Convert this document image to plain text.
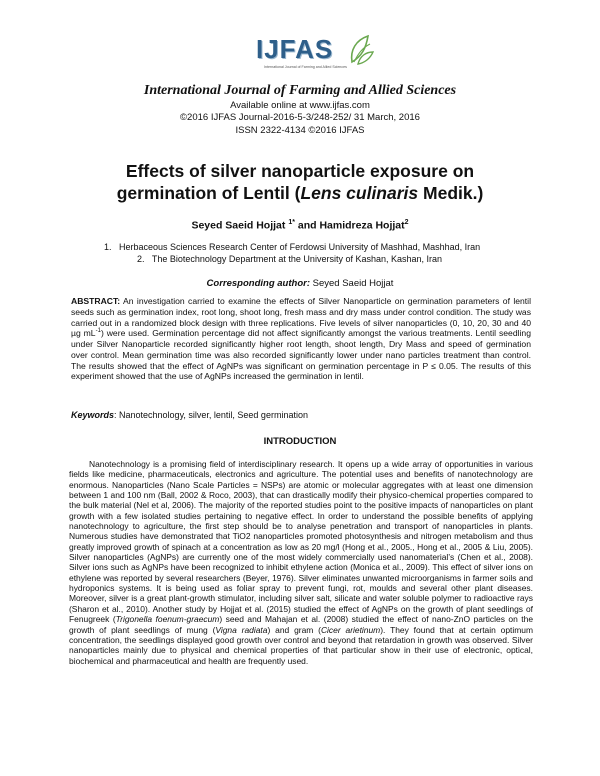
IJFAS
International Journal of Farming and Allied Sciences
International Journal of Farming and Allied Sciences
Available online at www.ijfas.com
©2016 IJFAS Journal-2016-5-3/248-252/ 31 March, 2016
ISSN 2322-4134 ©2016 IJFAS
Effects of silver nanoparticle exposure on
germination of Lentil (Lens culinaris Medik.)
Seyed Saeid Hojjat $^{1*}$ and Hamidreza Hojjat$^2$
1.   Herbaceous Sciences Research Center of Ferdowsi University of Mashhad, Mashhad, Iran
2.   The Biotechnology Department at the University of Kashan, Kashan, Iran
Corresponding author: Seyed Saeid Hojjat

ABSTRACT: An investigation carried to examine the effects of Silver Nanoparticle on germination parameters of lentil seeds such as germination index, root long, shoot long, fresh mass and dry mass under control condition. The study was carried out in a randomized block design with three replications. Five levels of silver nanoparticles (0, 10, 20, 30 and 40 µg $mL^{-1}$) were used. Germination percentage did not affect significantly amongst the various treatments. Lentil seedling under Silver Nanoparticle recorded significantly higher root length, shoot length, Dry Mass and speed of germination over control. Mean germination time was also recorded significantly lower under nano particles treatment than control. The results showed that the effect of AgNPs was significant on germination percentage in P ≤ 0.05. The results of this experiment showed that the use of AgNPs increased the germination in lentil.

Keywords: Nanotechnology, silver, lentil, Seed germination
INTRODUCTION

Nanotechnology is a promising field of interdisciplinary research. It opens up a wide array of opportunities in various fields like medicine, pharmaceuticals, electronics and agriculture. The potential uses and benefits of nanotechnology are enormous. Nanoparticles (Nano Scale Particles = NSPs) are atomic or molecular aggregates with at least one dimension between 1 and 100 nm (Ball, 2002 & Roco, 2003), that can drastically modify their physico-chemical properties compared to the bulk material (Nel et al, 2006). The majority of the reported studies point to the positive impacts of nanoparticles on plant growth with a few isolated studies pertaining to negative effect. In order to understand the possible benefits of applying nanotechnology to agriculture, the first step should be to analyse penetration and transport of nanoparticles in plants. Numerous studies have demonstrated that TiO2 nanoparticles promoted photosynthesis and nitrogen metabolism and thus greatly improved growth of spinach at a concentration as low as 20 mg/l (Hong et al., 2005., Hong et al., 2005 & Liu, 2005). Silver nanoparticles (AgNPs) are currently one of the most widely commercially used nanomaterial’s (Chen et al., 2008). Silver ions such as AgNPs have been recognized to inhibit ethylene action (Monica et al., 2009). This effect of silver ions on ethylene was reported by several researchers (Beyer, 1976). Silver eliminates unwanted microorganisms in farmer soils and hydroponics systems. It is being used as foliar spray to prevent fungi, rot, moulds and several other plant diseases. Moreover, silver is a great plant-growth stimulator, including silver salt, silicate and water soluble polymer to radioactive rays (Sharon et al., 2010). Another study by Hojjat et al. (2015) studied the effect of AgNPs on the growth of plant seedlings of Fenugreek (Trigonella foenum-graecum) seed and Mahajan et al. (2008) studied the effect of nano-ZnO particles on the growth of plant seedlings of mung (Vigna radiata) and gram (Cicer arietinum). They found that at certain optimum concentration, the seedlings displayed good growth over control and beyond that retardation in growth was observed. Silver nanoparticles mainly due to physical and chemical properties of that particular show in their use of electronic, optical, biochemical and pharmaceutical and health are frequently used.
